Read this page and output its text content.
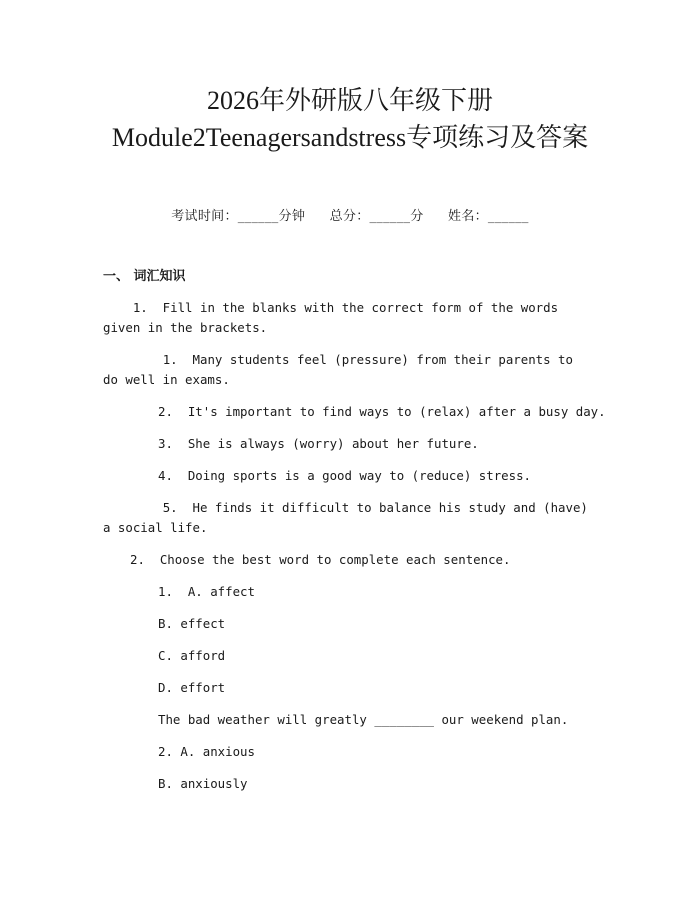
2026年外研版八年级下册Module2Teenagersandstress专项练习及答案
考试时间：______分钟 总分：______分 姓名：______
一、 词汇知识
1.  Fill in the blanks with the correct form of the words given in the brackets.
1.  Many students feel (pressure) from their parents to do well in exams.
2.  It's important to find ways to (relax) after a busy day.
3.  She is always (worry) about her future.
4.  Doing sports is a good way to (reduce) stress.
5.  He finds it difficult to balance his study and (have) a social life.
2.  Choose the best word to complete each sentence.
1.  A. affect
B. effect
C. afford
D. effort
The bad weather will greatly ________ our weekend plan.
2. A. anxious
B. anxiously
